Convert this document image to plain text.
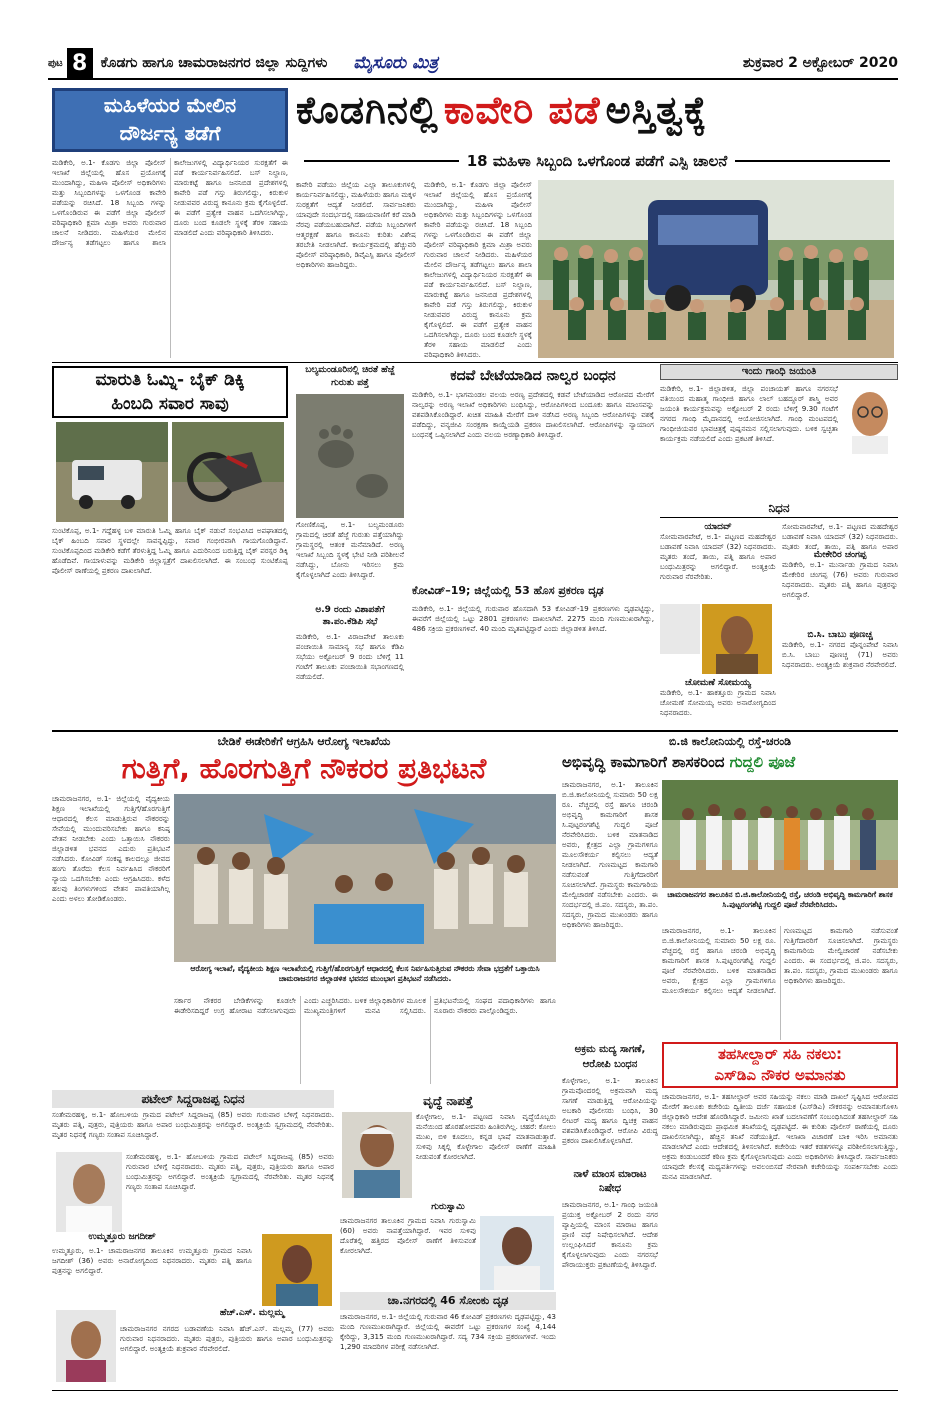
ಪುಟ 8 ಕೊಡಗು ಹಾಗೂ ಚಾಮರಾಜನಗರ ಜಿಲ್ಲಾ ಸುದ್ದಿಗಳು ಮೈಸೂರು ಮಿತ್ರ	ಶುಕ್ರವಾರ 2 ಅಕ್ಟೋಬರ್ 2020
ಮಹಿಳೆಯರ ಮೇಲಿನ
ದೌರ್ಜನ್ಯ ತಡೆಗೆ
ಕೊಡಗಿನಲ್ಲಿ ಕಾವೇರಿ ಪಡೆ ಅಸ್ತಿತ್ವಕ್ಕೆ
18 ಮಹಿಳಾ ಸಿಬ್ಬಂದಿ ಒಳಗೊಂಡ ಪಡೆಗೆ ಎಸ್ಪಿ ಚಾಲನೆ
ಮಡಿಕೇರಿ, ಅ.1- ಕೊಡಗು ಜಿಲ್ಲಾ ಪೊಲೀಸ್ ಇಲಾಖೆ ಜಿಲ್ಲೆಯಲ್ಲಿ ಹೊಸ ಪ್ರಯೋಗಕ್ಕೆ ಮುಂದಾಗಿದ್ದು, ಮಹಿಳಾ ಪೊಲೀಸ್ ಅಧಿಕಾರಿಗಳು ಮತ್ತು ಸಿಬ್ಬಂದಿಗಳನ್ನು ಒಳಗೊಂಡ ಕಾವೇರಿ ಪಡೆಯನ್ನು ರಚಿಸಿದೆ. 18 ಸಿಬ್ಬಂದಿ ಗಳನ್ನು ಒಳಗೊಂಡಿರುವ ಈ ಪಡೆಗೆ ಜಿಲ್ಲಾ ಪೊಲೀಸ್ ವರಿಷ್ಠಾಧಿಕಾರಿ ಕ್ಷಮಾ ಮಿಶ್ರಾ ಅವರು ಗುರುವಾರ ಚಾಲನೆ ನೀಡಿದರು. ಮಹಿಳೆಯರ ಮೇಲಿನ ದೌರ್ಜನ್ಯ ತಡೆಗಟ್ಟಲು ಹಾಗೂ ಶಾಲಾ ಕಾಲೇಜುಗಳಲ್ಲಿ ವಿದ್ಯಾರ್ಥಿನಿಯರ ಸುರಕ್ಷತೆಗೆ ಈ ಪಡೆ ಕಾರ್ಯನಿರ್ವಹಿಸಲಿದೆ. ಬಸ್ ನಿಲ್ದಾಣ, ಮಾರುಕಟ್ಟೆ ಹಾಗೂ ಜನನಿಬಿಡ ಪ್ರದೇಶಗಳಲ್ಲಿ ಕಾವೇರಿ ಪಡೆ ಗಸ್ತು ತಿರುಗಲಿದ್ದು, ಕಿರುಕುಳ ನೀಡುವವರ ವಿರುದ್ಧ ಕಾನೂನು ಕ್ರಮ ಕೈಗೊಳ್ಳಲಿದೆ. ಈ ಪಡೆಗೆ ಪ್ರತ್ಯೇಕ ವಾಹನ ಒದಗಿಸಲಾಗಿದ್ದು, ದೂರು ಬಂದ ಕೂಡಲೇ ಸ್ಥಳಕ್ಕೆ ತೆರಳಿ ಸಹಾಯ ಮಾಡಲಿದೆ ಎಂದು ವರಿಷ್ಠಾಧಿಕಾರಿ ತಿಳಿಸಿದರು.
ಕಾವೇರಿ ಪಡೆಯು ಜಿಲ್ಲೆಯ ಎಲ್ಲಾ ತಾಲೂಕುಗಳಲ್ಲಿ ಕಾರ್ಯನಿರ್ವಹಿಸಲಿದ್ದು, ಮಹಿಳೆಯರು ಹಾಗೂ ಮಕ್ಕಳ ಸುರಕ್ಷತೆಗೆ ಆದ್ಯತೆ ನೀಡಲಿದೆ. ಸಾರ್ವಜನಿಕರು ಯಾವುದೇ ಸಂದರ್ಭದಲ್ಲಿ ಸಹಾಯವಾಣಿಗೆ ಕರೆ ಮಾಡಿ ನೆರವು ಪಡೆಯಬಹುದಾಗಿದೆ. ಪಡೆಯ ಸಿಬ್ಬಂದಿಗಳಿಗೆ ಆತ್ಮರಕ್ಷಣೆ ಹಾಗೂ ಕಾನೂನು ಕುರಿತು ವಿಶೇಷ ತರಬೇತಿ ನೀಡಲಾಗಿದೆ. ಕಾರ್ಯಕ್ರಮದಲ್ಲಿ ಹೆಚ್ಚುವರಿ ಪೊಲೀಸ್ ವರಿಷ್ಠಾಧಿಕಾರಿ, ಡಿವೈಎಸ್ಪಿ ಹಾಗೂ ಪೊಲೀಸ್ ಅಧಿಕಾರಿಗಳು ಹಾಜರಿದ್ದರು.
ಮಡಿಕೇರಿ, ಅ.1- ಕೊಡಗು ಜಿಲ್ಲಾ ಪೊಲೀಸ್ ಇಲಾಖೆ ಜಿಲ್ಲೆಯಲ್ಲಿ ಹೊಸ ಪ್ರಯೋಗಕ್ಕೆ ಮುಂದಾಗಿದ್ದು, ಮಹಿಳಾ ಪೊಲೀಸ್ ಅಧಿಕಾರಿಗಳು ಮತ್ತು ಸಿಬ್ಬಂದಿಗಳನ್ನು ಒಳಗೊಂಡ ಕಾವೇರಿ ಪಡೆಯನ್ನು ರಚಿಸಿದೆ. 18 ಸಿಬ್ಬಂದಿ ಗಳನ್ನು ಒಳಗೊಂಡಿರುವ ಈ ಪಡೆಗೆ ಜಿಲ್ಲಾ ಪೊಲೀಸ್ ವರಿಷ್ಠಾಧಿಕಾರಿ ಕ್ಷಮಾ ಮಿಶ್ರಾ ಅವರು ಗುರುವಾರ ಚಾಲನೆ ನೀಡಿದರು. ಮಹಿಳೆಯರ ಮೇಲಿನ ದೌರ್ಜನ್ಯ ತಡೆಗಟ್ಟಲು ಹಾಗೂ ಶಾಲಾ ಕಾಲೇಜುಗಳಲ್ಲಿ ವಿದ್ಯಾರ್ಥಿನಿಯರ ಸುರಕ್ಷತೆಗೆ ಈ ಪಡೆ ಕಾರ್ಯನಿರ್ವಹಿಸಲಿದೆ. ಬಸ್ ನಿಲ್ದಾಣ, ಮಾರುಕಟ್ಟೆ ಹಾಗೂ ಜನನಿಬಿಡ ಪ್ರದೇಶಗಳಲ್ಲಿ ಕಾವೇರಿ ಪಡೆ ಗಸ್ತು ತಿರುಗಲಿದ್ದು, ಕಿರುಕುಳ ನೀಡುವವರ ವಿರುದ್ಧ ಕಾನೂನು ಕ್ರಮ ಕೈಗೊಳ್ಳಲಿದೆ. ಈ ಪಡೆಗೆ ಪ್ರತ್ಯೇಕ ವಾಹನ ಒದಗಿಸಲಾಗಿದ್ದು, ದೂರು ಬಂದ ಕೂಡಲೇ ಸ್ಥಳಕ್ಕೆ ತೆರಳಿ ಸಹಾಯ ಮಾಡಲಿದೆ ಎಂದು ವರಿಷ್ಠಾಧಿಕಾರಿ ತಿಳಿಸಿದರು.
ಮಾರುತಿ ಓಮ್ನಿ- ಬೈಕ್ ಡಿಕ್ಕಿ
ಹಿಂಬದಿ ಸವಾರ ಸಾವು
ಸುಂಟಿಕೊಪ್ಪ, ಅ.1- ಗದ್ದೆಹಳ್ಳ ಬಳಿ ಮಾರುತಿ ಓಮ್ನಿ ಹಾಗೂ ಬೈಕ್ ನಡುವೆ ಸಂಭವಿಸಿದ ಅಪಘಾತದಲ್ಲಿ ಬೈಕ್ ಹಿಂಬದಿ ಸವಾರ ಸ್ಥಳದಲ್ಲೇ ಸಾವನ್ನಪ್ಪಿದ್ದು, ಸವಾರ ಗಂಭೀರವಾಗಿ ಗಾಯಗೊಂಡಿದ್ದಾನೆ. ಸುಂಟಿಕೊಪ್ಪದಿಂದ ಮಡಿಕೇರಿ ಕಡೆಗೆ ತೆರಳುತ್ತಿದ್ದ ಓಮ್ನಿ ಹಾಗೂ ಎದುರಿನಿಂದ ಬರುತ್ತಿದ್ದ ಬೈಕ್ ಪರಸ್ಪರ ಡಿಕ್ಕಿ ಹೊಡೆದಿವೆ. ಗಾಯಾಳುವನ್ನು ಮಡಿಕೇರಿ ಜಿಲ್ಲಾಸ್ಪತ್ರೆಗೆ ದಾಖಲಿಸಲಾಗಿದೆ. ಈ ಸಂಬಂಧ ಸುಂಟಿಕೊಪ್ಪ ಪೊಲೀಸ್ ಠಾಣೆಯಲ್ಲಿ ಪ್ರಕರಣ ದಾಖಲಾಗಿದೆ.
ಬಲ್ಯಮಂಡೂರಿನಲ್ಲಿ ಚಿರತೆ ಹೆಜ್ಜೆ ಗುರುತು ಪತ್ತೆ
ಗೋಣಿಕೊಪ್ಪ, ಅ.1- ಬಲ್ಯಮಂಡೂರು ಗ್ರಾಮದಲ್ಲಿ ಚಿರತೆ ಹೆಜ್ಜೆ ಗುರುತು ಪತ್ತೆಯಾಗಿದ್ದು ಗ್ರಾಮಸ್ಥರಲ್ಲಿ ಆತಂಕ ಮನೆಮಾಡಿದೆ. ಅರಣ್ಯ ಇಲಾಖೆ ಸಿಬ್ಬಂದಿ ಸ್ಥಳಕ್ಕೆ ಭೇಟಿ ನೀಡಿ ಪರಿಶೀಲನೆ ನಡೆಸಿದ್ದು, ಬೋನು ಇರಿಸಲು ಕ್ರಮ ಕೈಗೊಳ್ಳಲಾಗಿದೆ ಎಂದು ತಿಳಿಸಿದ್ದಾರೆ.
ಅ.9 ರಂದು ವಿಶಾಪತೆಗೆ ತಾ.ಪಂ.ಕೆಡಿಪಿ ಸಭೆ
ಮಡಿಕೇರಿ, ಅ.1- ವಿರಾಜಪೇಟೆ ತಾಲೂಕು ಪಂಚಾಯಿತಿ ಸಾಮಾನ್ಯ ಸಭೆ ಹಾಗೂ ಕೆಡಿಪಿ ಸಭೆಯು ಅಕ್ಟೋಬರ್ 9 ರಂದು ಬೆಳಿಗ್ಗೆ 11 ಗಂಟೆಗೆ ತಾಲೂಕು ಪಂಚಾಯಿತಿ ಸಭಾಂಗಣದಲ್ಲಿ ನಡೆಯಲಿದೆ.
ಕದವೆ ಬೇಟೆಯಾಡಿದ ನಾಲ್ವರ ಬಂಧನ
ಮಡಿಕೇರಿ, ಅ.1- ಭಾಗಮಂಡಲ ವಲಯ ಅರಣ್ಯ ಪ್ರದೇಶದಲ್ಲಿ ಕಡವೆ ಬೇಟೆಯಾಡಿದ ಆರೋಪದ ಮೇರೆಗೆ ನಾಲ್ವರನ್ನು ಅರಣ್ಯ ಇಲಾಖೆ ಅಧಿಕಾರಿಗಳು ಬಂಧಿಸಿದ್ದು, ಆರೋಪಿಗಳಿಂದ ಬಂದೂಕು ಹಾಗೂ ಮಾಂಸವನ್ನು ವಶಪಡಿಸಿಕೊಂಡಿದ್ದಾರೆ. ಖಚಿತ ಮಾಹಿತಿ ಮೇರೆಗೆ ದಾಳಿ ನಡೆಸಿದ ಅರಣ್ಯ ಸಿಬ್ಬಂದಿ ಆರೋಪಿಗಳನ್ನು ವಶಕ್ಕೆ ಪಡೆದಿದ್ದು, ವನ್ಯಜೀವಿ ಸಂರಕ್ಷಣಾ ಕಾಯ್ದೆಯಡಿ ಪ್ರಕರಣ ದಾಖಲಿಸಲಾಗಿದೆ. ಆರೋಪಿಗಳನ್ನು ನ್ಯಾಯಾಂಗ ಬಂಧನಕ್ಕೆ ಒಪ್ಪಿಸಲಾಗಿದೆ ಎಂದು ವಲಯ ಅರಣ್ಯಾಧಿಕಾರಿ ತಿಳಿಸಿದ್ದಾರೆ.
ಕೋವಿಡ್–19; ಜಿಲ್ಲೆಯಲ್ಲಿ 53 ಹೊಸ ಪ್ರಕರಣ ದೃಢ
ಮಡಿಕೇರಿ, ಅ.1- ಜಿಲ್ಲೆಯಲ್ಲಿ ಗುರುವಾರ ಹೊಸದಾಗಿ 53 ಕೋವಿಡ್-19 ಪ್ರಕರಣಗಳು ದೃಢಪಟ್ಟಿದ್ದು, ಈವರೆಗೆ ಜಿಲ್ಲೆಯಲ್ಲಿ ಒಟ್ಟು 2801 ಪ್ರಕರಣಗಳು ದಾಖಲಾಗಿವೆ. 2275 ಮಂದಿ ಗುಣಮುಖರಾಗಿದ್ದು, 486 ಸಕ್ರಿಯ ಪ್ರಕರಣಗಳಿವೆ. 40 ಮಂದಿ ಮೃತಪಟ್ಟಿದ್ದಾರೆ ಎಂದು ಜಿಲ್ಲಾಡಳಿತ ತಿಳಿಸಿದೆ.
ಇಂದು ಗಾಂಧಿ ಜಯಂತಿ
ಮಡಿಕೇರಿ, ಅ.1- ಜಿಲ್ಲಾಡಳಿತ, ಜಿಲ್ಲಾ ಪಂಚಾಯತ್ ಹಾಗೂ ನಗರಸಭೆ ವತಿಯಿಂದ ಮಹಾತ್ಮ ಗಾಂಧೀಜಿ ಹಾಗೂ ಲಾಲ್ ಬಹದ್ದೂರ್ ಶಾಸ್ತ್ರಿ ಅವರ ಜಯಂತಿ ಕಾರ್ಯಕ್ರಮವನ್ನು ಅಕ್ಟೋಬರ್ 2 ರಂದು ಬೆಳಿಗ್ಗೆ 9.30 ಗಂಟೆಗೆ ನಗರದ ಗಾಂಧಿ ಮೈದಾನದಲ್ಲಿ ಆಯೋಜಿಸಲಾಗಿದೆ. ಗಾಂಧಿ ಮಂಟಪದಲ್ಲಿ ಗಾಂಧೀಜಿಯವರ ಭಾವಚಿತ್ರಕ್ಕೆ ಪುಷ್ಪನಮನ ಸಲ್ಲಿಸಲಾಗುವುದು. ಬಳಿಕ ಸ್ವಚ್ಛತಾ ಕಾರ್ಯಕ್ರಮ ನಡೆಯಲಿದೆ ಎಂದು ಪ್ರಕಟಣೆ ತಿಳಿಸಿದೆ.
ನಿಧನ
ಯಾದವ್
ಸೋಮವಾರಪೇಟೆ, ಅ.1- ಪಟ್ಟಣದ ಮಹದೇಶ್ವರ ಬಡಾವಣೆ ನಿವಾಸಿ ಯಾದವ್ (32) ನಿಧನರಾದರು. ಮೃತರು ತಂದೆ, ತಾಯಿ, ಪತ್ನಿ ಹಾಗೂ ಅಪಾರ ಬಂಧುಮಿತ್ರರನ್ನು ಅಗಲಿದ್ದಾರೆ. ಅಂತ್ಯಕ್ರಿಯೆ ಗುರುವಾರ ನೆರವೇರಿತು.
ಚೋಮಣೆ ಸೋಮಯ್ಯ
ಮಡಿಕೇರಿ, ಅ.1- ಹಾಕತ್ತೂರು ಗ್ರಾಮದ ನಿವಾಸಿ ಚೋಮಣೆ ಸೋಮಯ್ಯ ಅವರು ಅನಾರೋಗ್ಯದಿಂದ ನಿಧನರಾದರು.
ಸೋಮವಾರಪೇಟೆ, ಅ.1- ಪಟ್ಟಣದ ಮಹದೇಶ್ವರ ಬಡಾವಣೆ ನಿವಾಸಿ ಯಾದವ್ (32) ನಿಧನರಾದರು. ಮೃತರು ತಂದೆ, ತಾಯಿ, ಪತ್ನಿ ಹಾಗೂ ಅಪಾರ
ಮೇಕೇರಿರ ಚಂಗಪ್ಪ
ಮಡಿಕೇರಿ, ಅ.1- ಮುರ್ನಾಡು ಗ್ರಾಮದ ನಿವಾಸಿ ಮೇಕೇರಿರ ಚಂಗಪ್ಪ (76) ಅವರು ಗುರುವಾರ ನಿಧನರಾದರು. ಮೃತರು ಪತ್ನಿ ಹಾಗೂ ಪುತ್ರರನ್ನು ಅಗಲಿದ್ದಾರೆ.
ಬಿ.ಸಿ. ಬಾಬು ಪೂಣಚ್ಚ
ಮಡಿಕೇರಿ, ಅ.1- ನಗರದ ಪೊನ್ನಂಪೇಟೆ ನಿವಾಸಿ ಬಿ.ಸಿ. ಬಾಬು ಪೂಣಚ್ಚ (71) ಅವರು ನಿಧನರಾದರು. ಅಂತ್ಯಕ್ರಿಯೆ ಶುಕ್ರವಾರ ನೆರವೇರಲಿದೆ.
ಬೇಡಿಕೆ ಈಡೇರಿಕೆಗೆ ಆಗ್ರಹಿಸಿ ಆರೋಗ್ಯ ಇಲಾಖೆಯ
ಗುತ್ತಿಗೆ, ಹೊರಗುತ್ತಿಗೆ ನೌಕರರ ಪ್ರತಿಭಟನೆ
ಚಾಮರಾಜನಗರ, ಅ.1- ಜಿಲ್ಲೆಯಲ್ಲಿ ವೈದ್ಯಕೀಯ ಶಿಕ್ಷಣ ಇಲಾಖೆಯಲ್ಲಿ ಗುತ್ತಿಗೆ/ಹೊರಗುತ್ತಿಗೆ ಆಧಾರದಲ್ಲಿ ಕೆಲಸ ಮಾಡುತ್ತಿರುವ ನೌಕರರನ್ನು ಸೇವೆಯಲ್ಲಿ ಮುಂದುವರಿಸಬೇಕು ಹಾಗೂ ಕನಿಷ್ಠ ವೇತನ ನೀಡಬೇಕು ಎಂದು ಒತ್ತಾಯಿಸಿ ನೌಕರರು ಜಿಲ್ಲಾಡಳಿತ ಭವನದ ಎದುರು ಪ್ರತಿಭಟನೆ ನಡೆಸಿದರು. ಕೋವಿಡ್ ಸಂಕಷ್ಟ ಕಾಲದಲ್ಲೂ ಜೀವದ ಹಂಗು ತೊರೆದು ಕೆಲಸ ನಿರ್ವಹಿಸಿದ ನೌಕರರಿಗೆ ನ್ಯಾಯ ಒದಗಿಸಬೇಕು ಎಂದು ಆಗ್ರಹಿಸಿದರು. ಕಳೆದ ಹಲವು ತಿಂಗಳುಗಳಿಂದ ವೇತನ ಪಾವತಿಯಾಗಿಲ್ಲ ಎಂದು ಅಳಲು ತೋಡಿಕೊಂಡರು.
ಆರೋಗ್ಯ ಇಲಾಖೆ, ವೈದ್ಯಕೀಯ ಶಿಕ್ಷಣ ಇಲಾಖೆಯಲ್ಲಿ ಗುತ್ತಿಗೆ/ಹೊರಗುತ್ತಿಗೆ ಆಧಾರದಲ್ಲಿ ಕೆಲಸ ನಿರ್ವಹಿಸುತ್ತಿರುವ ನೌಕರರು ಸೇವಾ ಭದ್ರತೆಗೆ ಒತ್ತಾಯಿಸಿ ಚಾಮರಾಜನಗರ ಜಿಲ್ಲಾಡಳಿತ ಭವನದ ಮುಂಭಾಗ ಪ್ರತಿಭಟನೆ ನಡೆಸಿದರು.
ಸರ್ಕಾರ ನೌಕರರ ಬೇಡಿಕೆಗಳನ್ನು ಕೂಡಲೇ ಈಡೇರಿಸದಿದ್ದರೆ ಉಗ್ರ ಹೋರಾಟ ನಡೆಸಲಾಗುವುದು ಎಂದು ಎಚ್ಚರಿಸಿದರು. ಬಳಿಕ ಜಿಲ್ಲಾಧಿಕಾರಿಗಳ ಮೂಲಕ ಮುಖ್ಯಮಂತ್ರಿಗಳಿಗೆ ಮನವಿ ಸಲ್ಲಿಸಿದರು. ಪ್ರತಿಭಟನೆಯಲ್ಲಿ ಸಂಘದ ಪದಾಧಿಕಾರಿಗಳು ಹಾಗೂ ನೂರಾರು ನೌಕರರು ಪಾಲ್ಗೊಂಡಿದ್ದರು.
ಪಟೇಲ್ ಸಿದ್ದರಾಜಪ್ಪ ನಿಧನ
ಸಂತೇಮರಹಳ್ಳಿ, ಅ.1- ಹೋಬಳಿಯ ಗ್ರಾಮದ ಪಟೇಲ್ ಸಿದ್ದರಾಜಪ್ಪ (85) ಅವರು ಗುರುವಾರ ಬೆಳಿಗ್ಗೆ ನಿಧನರಾದರು. ಮೃತರು ಪತ್ನಿ, ಪುತ್ರರು, ಪುತ್ರಿಯರು ಹಾಗೂ ಅಪಾರ ಬಂಧುಮಿತ್ರರನ್ನು ಅಗಲಿದ್ದಾರೆ. ಅಂತ್ಯಕ್ರಿಯೆ ಸ್ವಗ್ರಾಮದಲ್ಲಿ ನೆರವೇರಿತು. ಮೃತರ ನಿಧನಕ್ಕೆ ಗಣ್ಯರು ಸಂತಾಪ ಸೂಚಿಸಿದ್ದಾರೆ.
ಸಂತೇಮರಹಳ್ಳಿ, ಅ.1- ಹೋಬಳಿಯ ಗ್ರಾಮದ ಪಟೇಲ್ ಸಿದ್ದರಾಜಪ್ಪ (85) ಅವರು ಗುರುವಾರ ಬೆಳಿಗ್ಗೆ ನಿಧನರಾದರು. ಮೃತರು ಪತ್ನಿ, ಪುತ್ರರು, ಪುತ್ರಿಯರು ಹಾಗೂ ಅಪಾರ ಬಂಧುಮಿತ್ರರನ್ನು ಅಗಲಿದ್ದಾರೆ. ಅಂತ್ಯಕ್ರಿಯೆ ಸ್ವಗ್ರಾಮದಲ್ಲಿ ನೆರವೇರಿತು. ಮೃತರ ನಿಧನಕ್ಕೆ ಗಣ್ಯರು ಸಂತಾಪ ಸೂಚಿಸಿದ್ದಾರೆ.
ಉಮ್ಮತ್ತೂರು ಜಗದೀಶ್
ಉಮ್ಮತ್ತೂರು, ಅ.1- ಚಾಮರಾಜನಗರ ತಾಲೂಕಿನ ಉಮ್ಮತ್ತೂರು ಗ್ರಾಮದ ನಿವಾಸಿ ಜಗದೀಶ್ (36) ಅವರು ಅನಾರೋಗ್ಯದಿಂದ ನಿಧನರಾದರು. ಮೃತರು ಪತ್ನಿ ಹಾಗೂ ಪುತ್ರನನ್ನು ಅಗಲಿದ್ದಾರೆ.
ಹೆಚ್.ಎಸ್. ಮಲ್ಲಮ್ಮ
ಚಾಮರಾಜನಗರ ನಗರದ ಬಡಾವಣೆಯ ನಿವಾಸಿ ಹೆಚ್.ಎಸ್. ಮಲ್ಲಮ್ಮ (77) ಅವರು ಗುರುವಾರ ನಿಧನರಾದರು. ಮೃತರು ಪುತ್ರರು, ಪುತ್ರಿಯರು ಹಾಗೂ ಅಪಾರ ಬಂಧುಮಿತ್ರರನ್ನು ಅಗಲಿದ್ದಾರೆ. ಅಂತ್ಯಕ್ರಿಯೆ ಶುಕ್ರವಾರ ನೆರವೇರಲಿದೆ.
ವೃದ್ಧೆ ನಾಪತ್ತೆ
ಕೊಳ್ಳೇಗಾಲ, ಅ.1- ಪಟ್ಟಣದ ನಿವಾಸಿ ವೃದ್ಧೆಯೊಬ್ಬರು ಮನೆಯಿಂದ ಹೊರಹೋದವರು ಹಿಂತಿರುಗಿಲ್ಲ. ಚಹರೆ: ಕೋಲು ಮುಖ, ಬಿಳಿ ಕೂದಲು, ಕನ್ನಡ ಭಾಷೆ ಮಾತನಾಡುತ್ತಾರೆ. ಸುಳಿವು ಸಿಕ್ಕಲ್ಲಿ ಕೊಳ್ಳೇಗಾಲ ಪೊಲೀಸ್ ಠಾಣೆಗೆ ಮಾಹಿತಿ ನೀಡುವಂತೆ ಕೋರಲಾಗಿದೆ.
ಗುರುಸ್ವಾಮಿ
ಚಾಮರಾಜನಗರ ತಾಲೂಕಿನ ಗ್ರಾಮದ ನಿವಾಸಿ ಗುರುಸ್ವಾಮಿ (60) ಅವರು ನಾಪತ್ತೆಯಾಗಿದ್ದಾರೆ. ಇವರ ಸುಳಿವು ದೊರೆತಲ್ಲಿ ಹತ್ತಿರದ ಪೊಲೀಸ್ ಠಾಣೆಗೆ ತಿಳಿಸುವಂತೆ ಕೋರಲಾಗಿದೆ.
ಚಾ.ನಗರದಲ್ಲಿ 46 ಸೋಂಕು ದೃಢ
ಚಾಮರಾಜನಗರ, ಅ.1- ಜಿಲ್ಲೆಯಲ್ಲಿ ಗುರುವಾರ 46 ಕೋವಿಡ್ ಪ್ರಕರಣಗಳು ದೃಢಪಟ್ಟಿದ್ದು, 43 ಮಂದಿ ಗುಣಮುಖರಾಗಿದ್ದಾರೆ. ಜಿಲ್ಲೆಯಲ್ಲಿ ಈವರೆಗೆ ಒಟ್ಟು ಪ್ರಕರಣಗಳ ಸಂಖ್ಯೆ 4,144 ಕ್ಕೇರಿದ್ದು, 3,315 ಮಂದಿ ಗುಣಮುಖರಾಗಿದ್ದಾರೆ. ಸದ್ಯ 734 ಸಕ್ರಿಯ ಪ್ರಕರಣಗಳಿವೆ. ಇಂದು 1,290 ಮಾದರಿಗಳ ಪರೀಕ್ಷೆ ನಡೆಸಲಾಗಿದೆ.
ಬಿ.ಜಿ ಕಾಲೋನಿಯಲ್ಲಿ ರಸ್ತೆ-ಚರಂಡಿ
ಅಭಿವೃದ್ಧಿ ಕಾಮಗಾರಿಗೆ ಶಾಸಕರಿಂದ ಗುದ್ದಲಿ ಪೂಜೆ
ಚಾಮರಾಜನಗರ, ಅ.1- ತಾಲೂಕಿನ ಬಿ.ಜಿ.ಕಾಲೋನಿಯಲ್ಲಿ ಸುಮಾರು 50 ಲಕ್ಷ ರೂ. ವೆಚ್ಚದಲ್ಲಿ ರಸ್ತೆ ಹಾಗೂ ಚರಂಡಿ ಅಭಿವೃದ್ಧಿ ಕಾಮಗಾರಿಗೆ ಶಾಸಕ ಸಿ.ಪುಟ್ಟರಂಗಶೆಟ್ಟಿ ಗುದ್ದಲಿ ಪೂಜೆ ನೆರವೇರಿಸಿದರು. ಬಳಿಕ ಮಾತನಾಡಿದ ಅವರು, ಕ್ಷೇತ್ರದ ಎಲ್ಲಾ ಗ್ರಾಮಗಳಿಗೂ ಮೂಲಸೌಕರ್ಯ ಕಲ್ಪಿಸಲು ಆದ್ಯತೆ ನೀಡಲಾಗಿದೆ. ಗುಣಮಟ್ಟದ ಕಾಮಗಾರಿ ನಡೆಸುವಂತೆ ಗುತ್ತಿಗೆದಾರರಿಗೆ ಸೂಚಿಸಲಾಗಿದೆ. ಗ್ರಾಮಸ್ಥರು ಕಾಮಗಾರಿಯ ಮೇಲ್ವಿಚಾರಣೆ ನಡೆಸಬೇಕು ಎಂದರು. ಈ ಸಂದರ್ಭದಲ್ಲಿ ಜಿ.ಪಂ. ಸದಸ್ಯರು, ತಾ.ಪಂ. ಸದಸ್ಯರು, ಗ್ರಾಮದ ಮುಖಂಡರು ಹಾಗೂ ಅಧಿಕಾರಿಗಳು ಹಾಜರಿದ್ದರು.
ಚಾಮರಾಜನಗರ ತಾಲೂಕಿನ ಬಿ.ಜಿ.ಕಾಲೋನಿಯಲ್ಲಿ ರಸ್ತೆ, ಚರಂಡಿ ಅಭಿವೃದ್ಧಿ ಕಾಮಗಾರಿಗೆ ಶಾಸಕ ಸಿ.ಪುಟ್ಟರಂಗಶೆಟ್ಟಿ ಗುದ್ದಲಿ ಪೂಜೆ ನೆರವೇರಿಸಿದರು.
ಚಾಮರಾಜನಗರ, ಅ.1- ತಾಲೂಕಿನ ಬಿ.ಜಿ.ಕಾಲೋನಿಯಲ್ಲಿ ಸುಮಾರು 50 ಲಕ್ಷ ರೂ. ವೆಚ್ಚದಲ್ಲಿ ರಸ್ತೆ ಹಾಗೂ ಚರಂಡಿ ಅಭಿವೃದ್ಧಿ ಕಾಮಗಾರಿಗೆ ಶಾಸಕ ಸಿ.ಪುಟ್ಟರಂಗಶೆಟ್ಟಿ ಗುದ್ದಲಿ ಪೂಜೆ ನೆರವೇರಿಸಿದರು. ಬಳಿಕ ಮಾತನಾಡಿದ ಅವರು, ಕ್ಷೇತ್ರದ ಎಲ್ಲಾ ಗ್ರಾಮಗಳಿಗೂ ಮೂಲಸೌಕರ್ಯ ಕಲ್ಪಿಸಲು ಆದ್ಯತೆ ನೀಡಲಾಗಿದೆ. ಗುಣಮಟ್ಟದ ಕಾಮಗಾರಿ ನಡೆಸುವಂತೆ ಗುತ್ತಿಗೆದಾರರಿಗೆ ಸೂಚಿಸಲಾಗಿದೆ. ಗ್ರಾಮಸ್ಥರು ಕಾಮಗಾರಿಯ ಮೇಲ್ವಿಚಾರಣೆ ನಡೆಸಬೇಕು ಎಂದರು. ಈ ಸಂದರ್ಭದಲ್ಲಿ ಜಿ.ಪಂ. ಸದಸ್ಯರು, ತಾ.ಪಂ. ಸದಸ್ಯರು, ಗ್ರಾಮದ ಮುಖಂಡರು ಹಾಗೂ ಅಧಿಕಾರಿಗಳು ಹಾಜರಿದ್ದರು.
ಅಕ್ರಮ ಮದ್ಯ ಸಾಗಣೆ, ಆರೋಪಿ ಬಂಧನ
ಕೊಳ್ಳೇಗಾಲ, ಅ.1- ತಾಲೂಕಿನ ಗ್ರಾಮವೊಂದರಲ್ಲಿ ಅಕ್ರಮವಾಗಿ ಮದ್ಯ ಸಾಗಣೆ ಮಾಡುತ್ತಿದ್ದ ಆರೋಪಿಯನ್ನು ಅಬಕಾರಿ ಪೊಲೀಸರು ಬಂಧಿಸಿ, 30 ಲೀಟರ್ ಮದ್ಯ ಹಾಗೂ ದ್ವಿಚಕ್ರ ವಾಹನ ವಶಪಡಿಸಿಕೊಂಡಿದ್ದಾರೆ. ಆರೋಪಿ ವಿರುದ್ಧ ಪ್ರಕರಣ ದಾಖಲಿಸಿಕೊಳ್ಳಲಾಗಿದೆ.
ನಾಳೆ ಮಾಂಸ ಮಾರಾಟ ನಿಷೇಧ
ಚಾಮರಾಜನಗರ, ಅ.1- ಗಾಂಧಿ ಜಯಂತಿ ಪ್ರಯುಕ್ತ ಅಕ್ಟೋಬರ್ 2 ರಂದು ನಗರ ವ್ಯಾಪ್ತಿಯಲ್ಲಿ ಮಾಂಸ ಮಾರಾಟ ಹಾಗೂ ಪ್ರಾಣಿ ವಧೆ ನಿಷೇಧಿಸಲಾಗಿದೆ. ಆದೇಶ ಉಲ್ಲಂಘಿಸಿದರೆ ಕಾನೂನು ಕ್ರಮ ಕೈಗೊಳ್ಳಲಾಗುವುದು ಎಂದು ನಗರಸಭೆ ಪೌರಾಯುಕ್ತರು ಪ್ರಕಟಣೆಯಲ್ಲಿ ತಿಳಿಸಿದ್ದಾರೆ.
ತಹಸೀಲ್ದಾರ್ ಸಹಿ ನಕಲು:
ಎಸ್‌ಡಿಎ ನೌಕರ ಅಮಾನತು
ಚಾಮರಾಜನಗರ, ಅ.1- ತಹಸೀಲ್ದಾರ್ ಅವರ ಸಹಿಯನ್ನು ನಕಲು ಮಾಡಿ ದಾಖಲೆ ಸೃಷ್ಟಿಸಿದ ಆರೋಪದ ಮೇರೆಗೆ ತಾಲೂಕು ಕಚೇರಿಯ ದ್ವಿತೀಯ ದರ್ಜೆ ಸಹಾಯಕ (ಎಸ್‌ಡಿಎ) ನೌಕರನನ್ನು ಅಮಾನತುಗೊಳಿಸಿ ಜಿಲ್ಲಾಧಿಕಾರಿ ಆದೇಶ ಹೊರಡಿಸಿದ್ದಾರೆ. ಜಮೀನು ಖಾತೆ ಬದಲಾವಣೆಗೆ ಸಂಬಂಧಿಸಿದಂತೆ ತಹಸೀಲ್ದಾರ್ ಸಹಿ ನಕಲು ಮಾಡಿರುವುದು ಪ್ರಾಥಮಿಕ ತನಿಖೆಯಲ್ಲಿ ದೃಢಪಟ್ಟಿದೆ. ಈ ಕುರಿತು ಪೊಲೀಸ್ ಠಾಣೆಯಲ್ಲಿ ದೂರು ದಾಖಲಿಸಲಾಗಿದ್ದು, ಹೆಚ್ಚಿನ ತನಿಖೆ ನಡೆಯುತ್ತಿದೆ. ಇಲಾಖಾ ವಿಚಾರಣೆ ಬಾಕಿ ಇರಿಸಿ ಅಮಾನತು ಮಾಡಲಾಗಿದೆ ಎಂದು ಆದೇಶದಲ್ಲಿ ತಿಳಿಸಲಾಗಿದೆ. ಕಚೇರಿಯ ಇತರೆ ಕಡತಗಳನ್ನೂ ಪರಿಶೀಲಿಸಲಾಗುತ್ತಿದ್ದು, ಅಕ್ರಮ ಕಂಡುಬಂದರೆ ಕಠಿಣ ಕ್ರಮ ಕೈಗೊಳ್ಳಲಾಗುವುದು ಎಂದು ಅಧಿಕಾರಿಗಳು ತಿಳಿಸಿದ್ದಾರೆ. ಸಾರ್ವಜನಿಕರು ಯಾವುದೇ ಕೆಲಸಕ್ಕೆ ಮಧ್ಯವರ್ತಿಗಳನ್ನು ಅವಲಂಬಿಸದೆ ನೇರವಾಗಿ ಕಚೇರಿಯನ್ನು ಸಂಪರ್ಕಿಸಬೇಕು ಎಂದು ಮನವಿ ಮಾಡಲಾಗಿದೆ.
